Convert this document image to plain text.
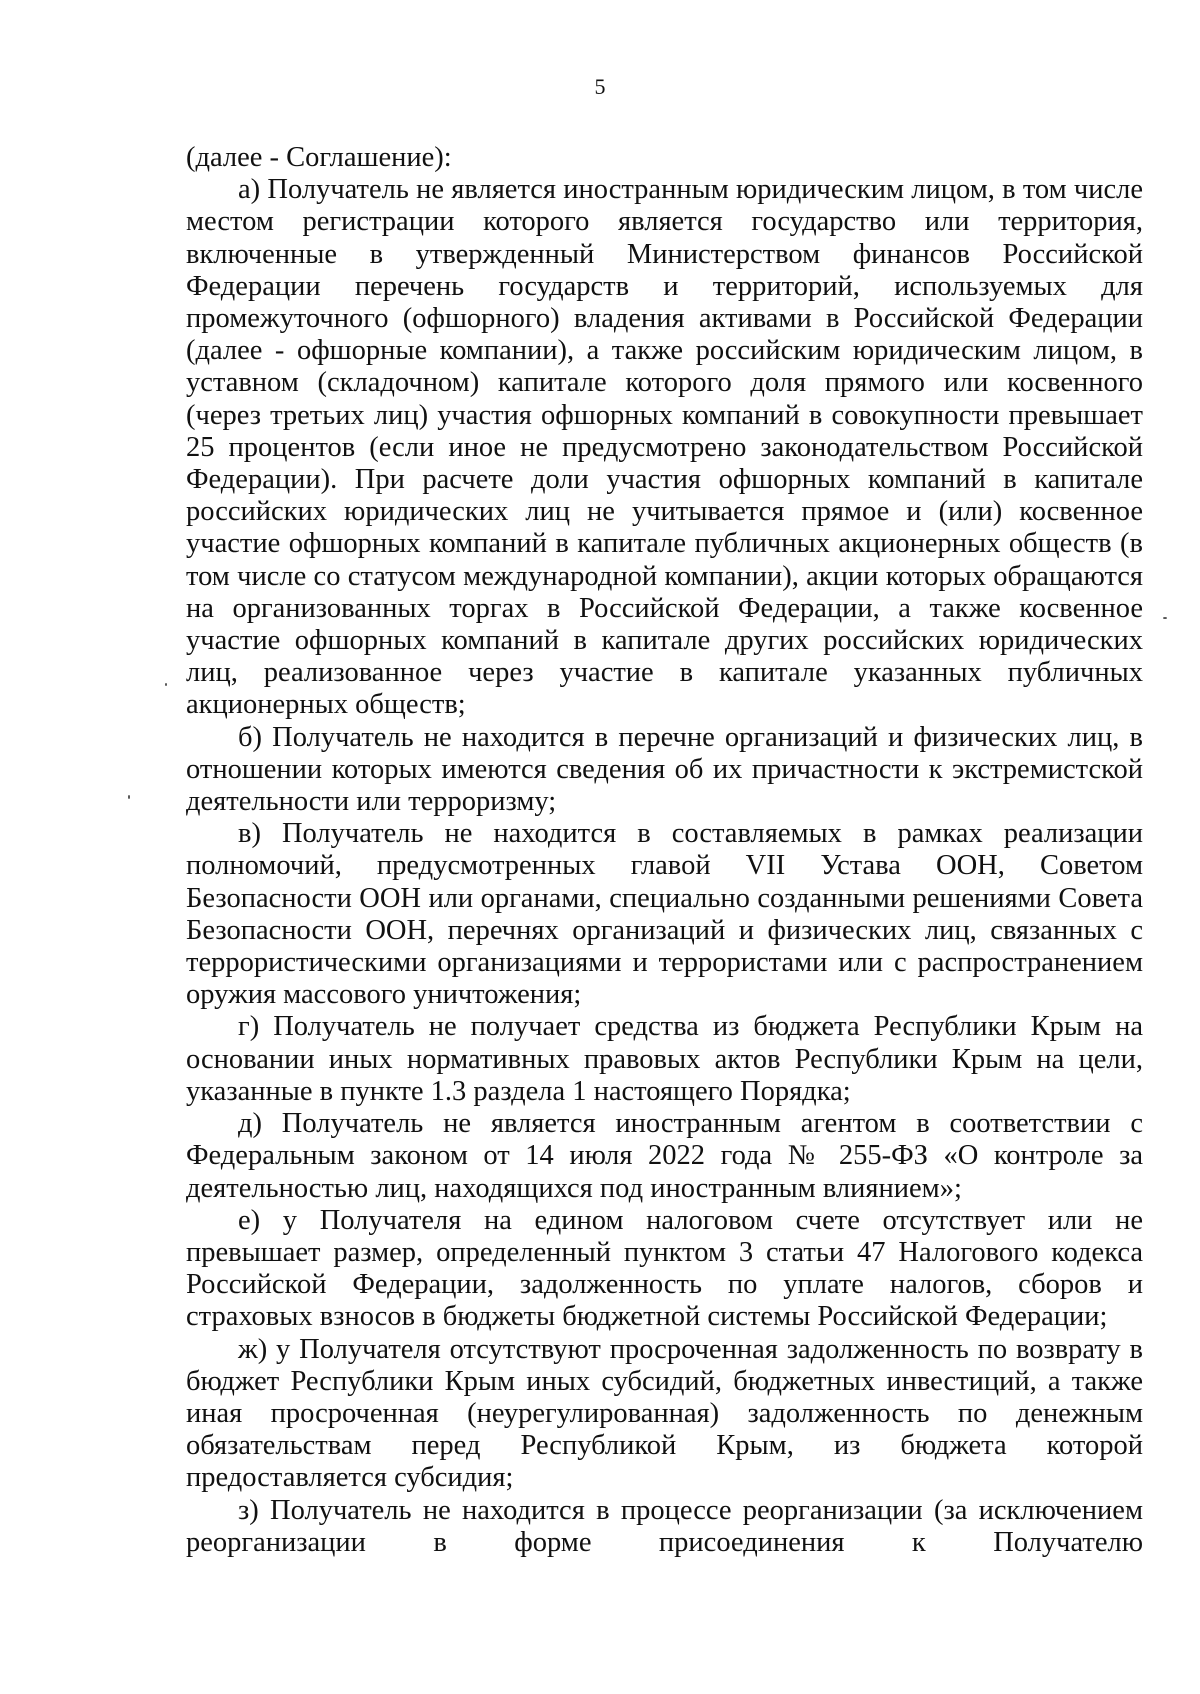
5

(далее - Соглашение):

а) Получатель не является иностранным юридическим лицом, в том числе местом регистрации которого является государство или территория, включенные в утвержденный Министерством финансов Российской Федерации перечень государств и территорий, используемых для промежуточного (офшорного) владения активами в Российской Федерации (далее - офшорные компании), а также российским юридическим лицом, в уставном (складочном) капитале которого доля прямого или косвенного (через третьих лиц) участия офшорных компаний в совокупности превышает 25 процентов (если иное не предусмотрено законодательством Российской Федерации). При расчете доли участия офшорных компаний в капитале российских юридических лиц не учитывается прямое и (или) косвенное участие офшорных компаний в капитале публичных акционерных обществ (в том числе со статусом международной компании), акции которых обращаются на организованных торгах в Российской Федерации, а также косвенное участие офшорных компаний в капитале других российских юридических лиц, реализованное через участие в капитале указанных публичных акционерных обществ;

б) Получатель не находится в перечне организаций и физических лиц, в отношении которых имеются сведения об их причастности к экстремистской деятельности или терроризму;

в) Получатель не находится в составляемых в рамках реализации полномочий, предусмотренных главой VII Устава ООН, Советом Безопасности ООН или органами, специально созданными решениями Совета Безопасности ООН, перечнях организаций и физических лиц, связанных с террористическими организациями и террористами или с распространением оружия массового уничтожения;

г) Получатель не получает средства из бюджета Республики Крым на основании иных нормативных правовых актов Республики Крым на цели, указанные в пункте 1.3 раздела 1 настоящего Порядка;

д) Получатель не является иностранным агентом в соответствии с Федеральным законом от 14 июля 2022 года № 255-ФЗ «О контроле за деятельностью лиц, находящихся под иностранным влиянием»;

е) у Получателя на едином налоговом счете отсутствует или не превышает размер, определенный пунктом 3 статьи 47 Налогового кодекса Российской Федерации, задолженность по уплате налогов, сборов и страховых взносов в бюджеты бюджетной системы Российской Федерации;

ж) у Получателя отсутствуют просроченная задолженность по возврату в бюджет Республики Крым иных субсидий, бюджетных инвестиций, а также иная просроченная (неурегулированная) задолженность по денежным обязательствам перед Республикой Крым, из бюджета которой предоставляется субсидия;

з) Получатель не находится в процессе реорганизации (за исключением реорганизации в форме присоединения к Получателю
